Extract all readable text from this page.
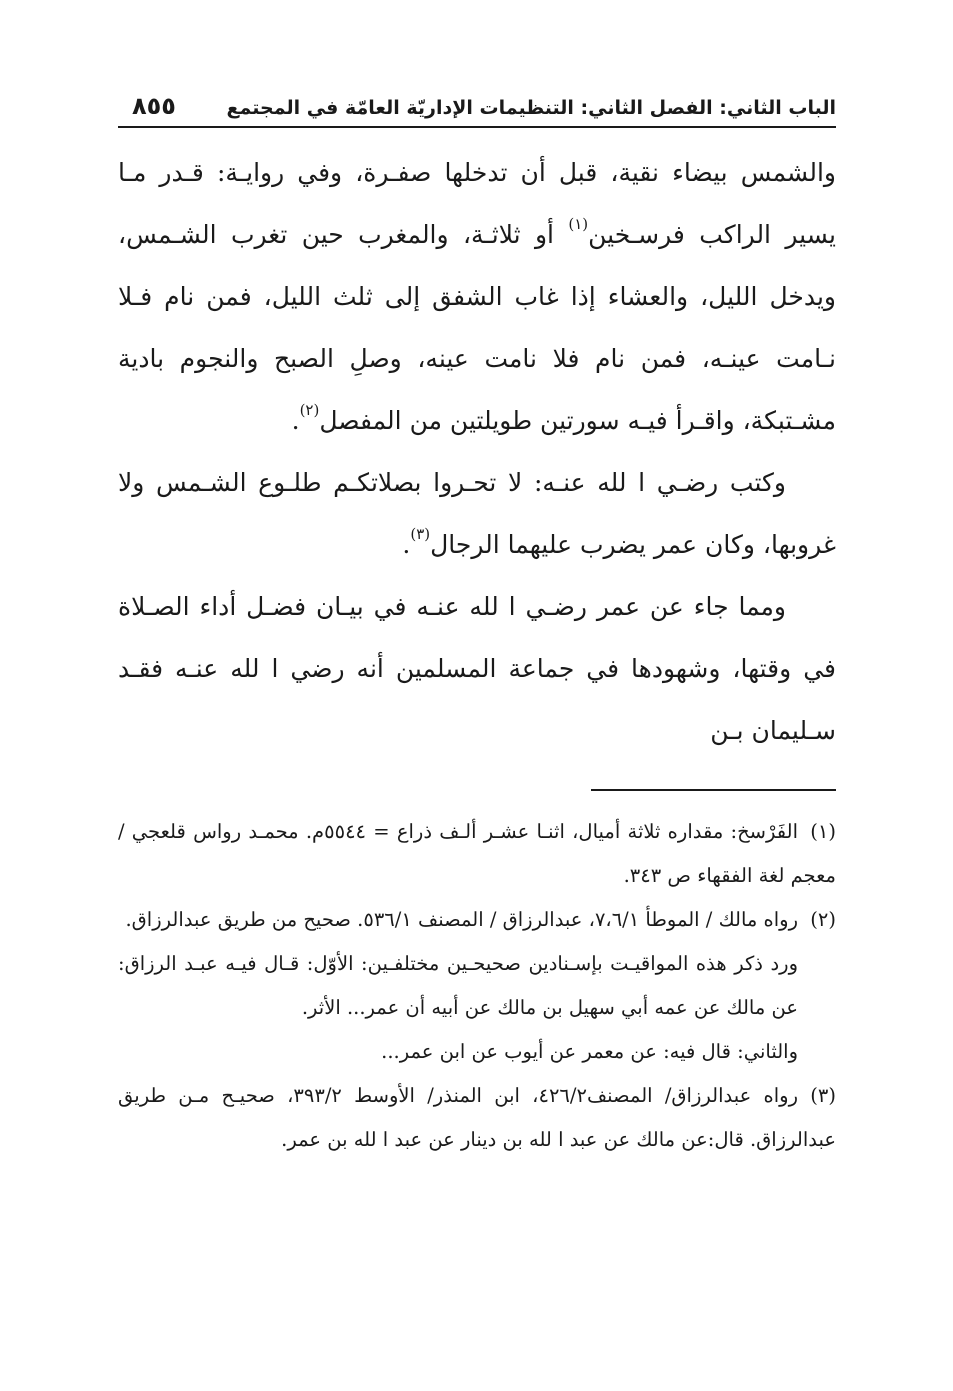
الباب الثاني: الفصل الثاني: التنظيمات الإداريّة العامّة في المجتمع
٨٥٥

والشمس بيضاء نقية، قبل أن تدخلها صفـرة، وفي روايـة: قـدر مـا يسير الراكب فرسـخين$^{(١)}$ أو ثلاثـة، والمغرب حين تغرب الشـمس، ويدخل الليل، والعشاء إذا غاب الشفق إلى ثلث الليل، فمن نام فـلا نـامت عينـه، فمن نام فلا نامت عينه، وصلِ الصبح والنجوم بادية مشـتبكة، واقـرأ فيـه سورتين طويلتين من المفصل$^{(٢)}$.

وكتب رضـي ا لله عنـه: لا تحـروا بصلاتكـم طلـوع الشـمس ولا غروبها، وكان عمر يضرب عليهما الرجال$^{(٣)}$.

ومما جاء عن عمر رضـي ا لله عنـه في بيـان فضـل أداء الصـلاة في وقتها، وشهودها في جماعة المسلمين أنه رضي ا لله عنـه فقـد سـليمان بـن

(١)الفَرْسخ: مقداره ثلاثة أميال، اثنـا عشـر ألـف ذراع = ٥٥٤٤م. محمـد رواس قلعجي / معجم لغة الفقهاء ص ٣٤٣.

(٢)رواه مالك / الموطأ ٧،٦/١، عبدالرزاق / المصنف ٥٣٦/١. صحيح من طريق عبدالرزاق.

ورد ذكر هذه المواقيـت بإسـنادين صحيحـين مختلفـين: الأوّل: قـال فيـه عبـد الرزاق: عن مالك عن عمه أبي سهيل بن مالك عن أبيه أن عمر... الأثر.

والثاني: قال فيه: عن معمر عن أيوب عن ابن عمر...

(٣)رواه عبدالرزاق/ المصنف٤٢٦/٢، ابن المنذر/ الأوسط ٣٩٣/٢، صحيـح مـن طريق عبدالرزاق. قال:عن مالك عن عبد ا لله بن دينار عن عبد ا لله بن عمر.
